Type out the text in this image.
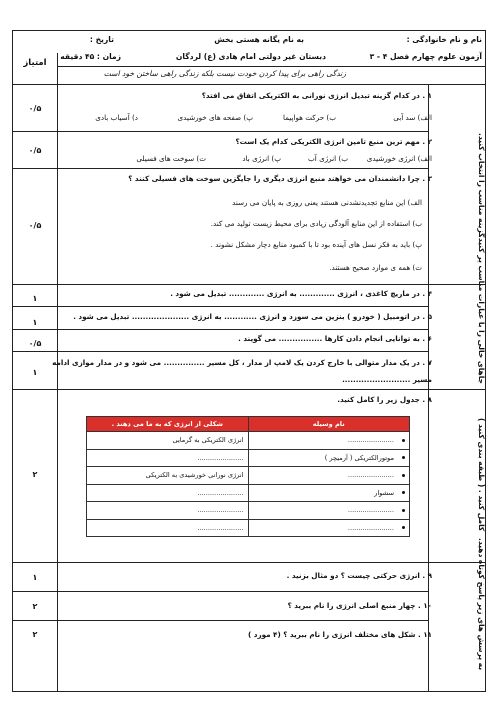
نام و نام خانوادگی :
به نام یگانه هستی بخش
تاریخ :
آزمون علوم چهارم فصل ۴ - ۳
دبستان غیر دولتی امام هادی (ع) لردگان
زمان : ۴۵ دقیقه
زندگی راهی برای پیدا کردن خودت نیست بلکه زندگی راهی ساختن خود است
امتیاز
۱ . در کدام گزینه تبدیل انرژی نورانی به الکتریکی اتفاق می افتد؟
الف) سد آبی
ب) حرکت هواپیما
پ) صفحه های خورشیدی
د) آسیاب بادی
۰/۵
۲ . مهم ترین منبع تامین انرژی الکتریکی کدام یک است؟
الف) انرژی خورشیدی
ب) انرژی آب
پ) انرژی باد
ت) سوخت های فسیلی
۰/۵
۳ . چرا دانشمندان می خواهند منبع انرژی دیگری را جایگزین سوخت های فسیلی کنند ؟
الف) این منابع تجدیدنشدنی هستند یعنی روزی به پایان می رسند
ب) استفاده از این منابع آلودگی زیادی برای محیط زیست تولید می کند.
پ) باید به فکر نسل های آینده بود تا با کمبود منابع دچار مشکل نشوند .
ت) همه ی موارد صحیح هستند.
۰/۵	گزینه مناسب را انتخاب کنید.
۴ . در ماریچ کاغذی ، انرژی ............. به انرژی ............. تبدیل می شود .
۱
۵ . در اتومبیل ( خودرو ) بنزین می سوزد و انرژی ............ به انرژی ..................... تبدیل می شود .
۱
۶ . به توانایی انجام دادن کارها ................ می گویند .
۰/۵
۷ . در یک مدار متوالی با خارج کردن یک لامپ از مدار ، کل مسیر ............... می شود و در مدار موازی ادامه
مسیر .........................
۱	جاهای خالی را با عبارات مناسب پر کنید.
۸ . جدول زیر را کامل کنید.
نام وسیله	شکلی از انرژی که به ما می دهند .
......................	انرژی الکتریکی به گرمایی
موتورالکتریکی ( آرمیچر )	......................
......................	انرژی نورانی خورشیدی به الکتریکی
سشوار	......................
......................	......................
......................	......................
۲	کامل کنید . ( طبقه بندی کنید )
۹ . انرژی حرکتی چیست ؟ دو مثال بزنید .
۱
۱۰ . چهار منبع اصلی انرژی را نام ببرید ؟
۲
۱۱ . شکل های مختلف انرژی را نام ببرید ؟ (۴ مورد )
۲	به پرسش های زیر پاسخ کوتاه دهید.
